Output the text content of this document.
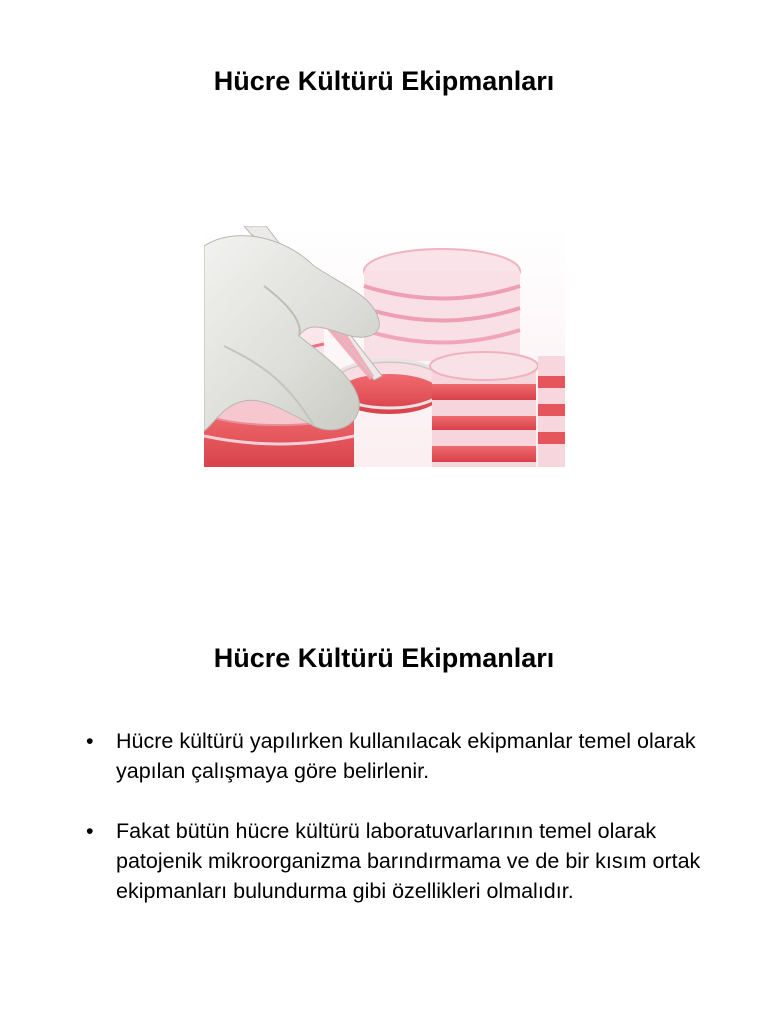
Hücre Kültürü Ekipmanları
Hücre Kültürü Ekipmanları
• Hücre kültürü yapılırken kullanılacak ekipmanlar temel olarak yapılan çalışmaya göre belirlenir.
• Fakat bütün hücre kültürü laboratuvarlarının temel olarak patojenik mikroorganizma barındırmama ve de bir kısım ortak ekipmanları bulundurma gibi özellikleri olmalıdır.
